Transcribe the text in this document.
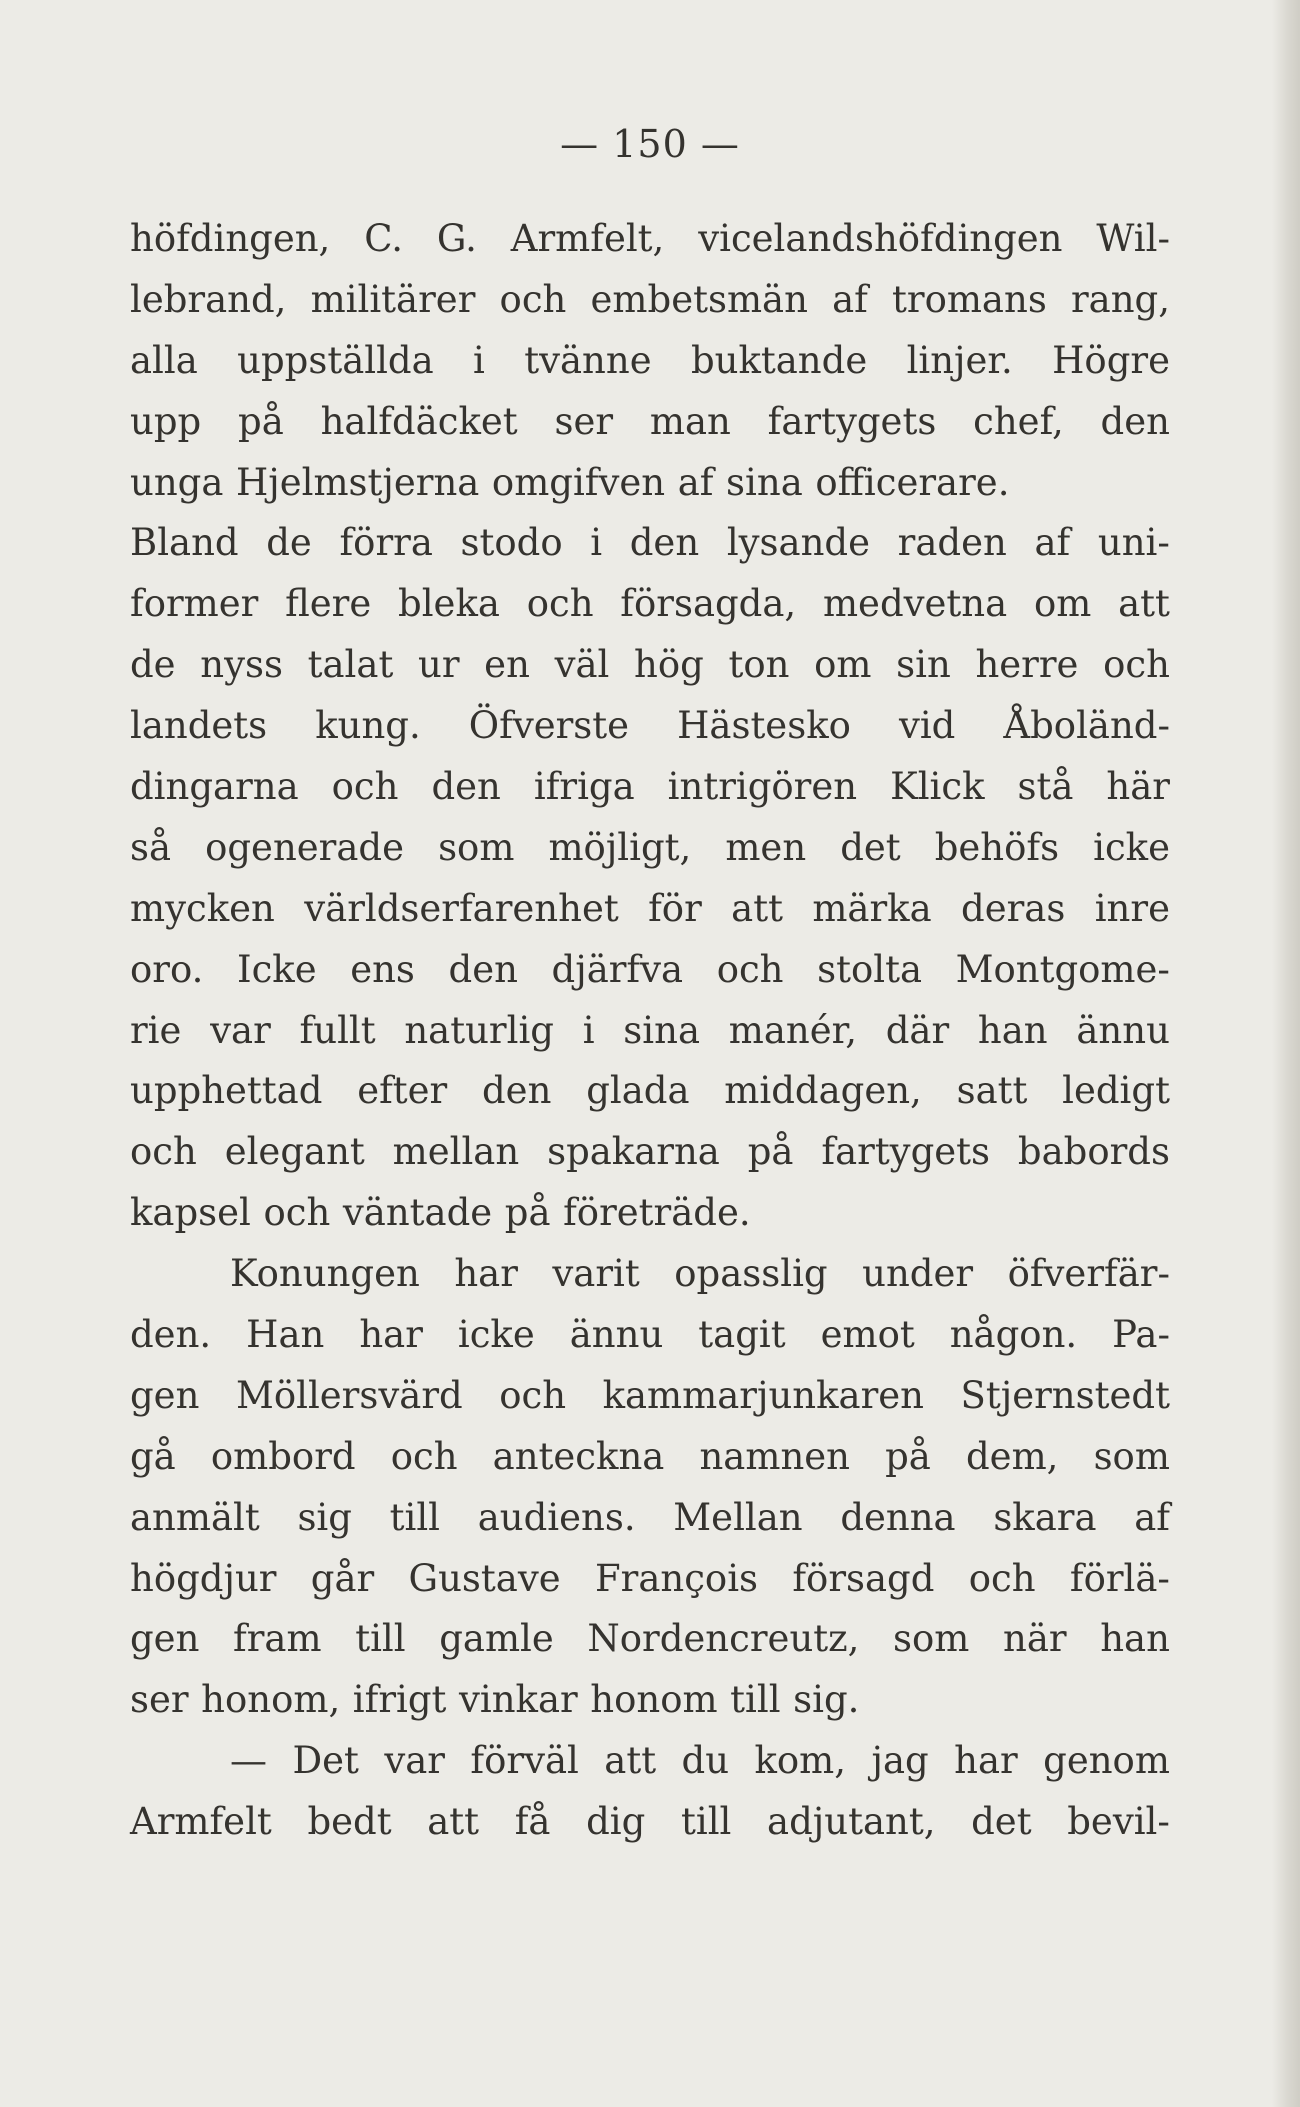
— 150 —
höfdingen, C. G. Armfelt, vicelandshöfdingen Wil-
lebrand, militärer och embetsmän af tromans rang,
alla uppställda i tvänne buktande linjer. Högre
upp på halfdäcket ser man fartygets chef, den
unga Hjelmstjerna omgifven af sina officerare.
Bland de förra stodo i den lysande raden af uni-
former flere bleka och försagda, medvetna om att
de nyss talat ur en väl hög ton om sin herre och
landets kung. Öfverste Hästesko vid Åboländ-
dingarna och den ifriga intrigören Klick stå här
så ogenerade som möjligt, men det behöfs icke
mycken världserfarenhet för att märka deras inre
oro. Icke ens den djärfva och stolta Montgome-
rie var fullt naturlig i sina manér, där han ännu
upphettad efter den glada middagen, satt ledigt
och elegant mellan spakarna på fartygets babords
kapsel och väntade på företräde.
Konungen har varit opasslig under öfverfär-
den. Han har icke ännu tagit emot någon. Pa-
gen Möllersvärd och kammarjunkaren Stjernstedt
gå ombord och anteckna namnen på dem, som
anmält sig till audiens. Mellan denna skara af
högdjur går Gustave François försagd och förlä-
gen fram till gamle Nordencreutz, som när han
ser honom, ifrigt vinkar honom till sig.
— Det var förväl att du kom, jag har genom
Armfelt bedt att få dig till adjutant, det bevil-
